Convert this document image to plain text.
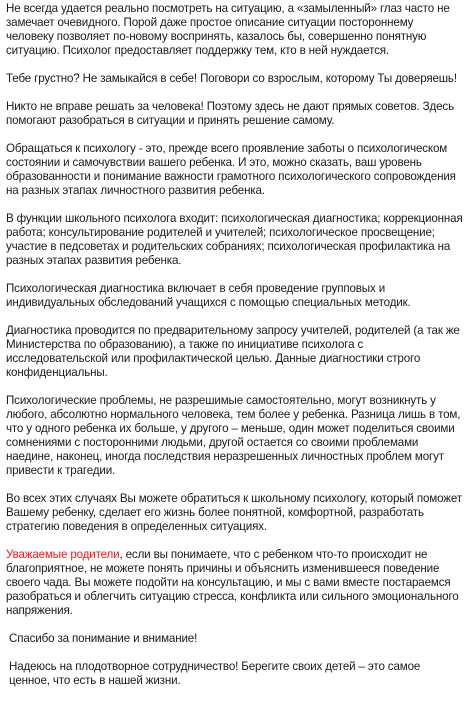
Не всегда удается реально посмотреть на ситуацию, а «замыленный» глаз часто не замечает очевидного. Порой даже простое описание ситуации постороннему человеку позволяет по-новому воспринять, казалось бы, совершенно понятную ситуацию. Психолог предоставляет поддержку тем, кто в ней нуждается.

Тебе грустно? Не замыкайся в себе! Поговори со взрослым, которому Ты доверяешь!

Никто не вправе решать за человека! Поэтому здесь не дают прямых советов. Здесь помогают разобраться в ситуации и принять решение самому.

Обращаться к психологу - это, прежде всего проявление заботы о психологическом состоянии и самочувствии вашего ребенка. И это, можно сказать, ваш уровень образованности и понимание важности грамотного психологического сопровождения на разных этапах личностного развития ребенка.

В функции школьного психолога входит: психологическая диагностика; коррекционная работа; консультирование родителей и учителей; психологическое просвещение; участие в педсоветах и родительских собраниях; психологическая профилактика на разных этапах развития ребенка.

Психологическая диагностика включает в себя проведение групповых и индивидуальных обследований учащихся с помощью специальных методик.

Диагностика проводится по предварительному запросу учителей, родителей (а так же Министерства по образованию), а также по инициативе психолога с исследовательской или профилактической целью. Данные диагностики строго конфиденциальны.

Психологические проблемы, не разрешимые самостоятельно, могут возникнуть у любого, абсолютно нормального человека, тем более у ребенка. Разница лишь в том, что у одного ребенка их больше, у другого – меньше, один может поделиться своими сомнениями с посторонними людьми, другой остается со своими проблемами наедине, наконец, иногда последствия неразрешенных личностных проблем могут привести к трагедии.

Во всех этих случаях Вы можете обратиться к школьному психологу, который поможет Вашему ребенку, сделает его жизнь более понятной, комфортной, разработать стратегию поведения в определенных ситуациях.

Уважаемые родители, если вы понимаете, что с ребенком что-то происходит не благоприятное, не можете понять причины и объяснить изменившееся поведение своего чада. Вы можете подойти на консультацию, и мы с вами вместе постараемся разобраться и облегчить ситуацию стресса, конфликта или сильного эмоционального напряжения.

Спасибо за понимание и внимание!

Надеюсь на плодотворное сотрудничество! Берегите своих детей – это самое ценное, что есть в нашей жизни.
